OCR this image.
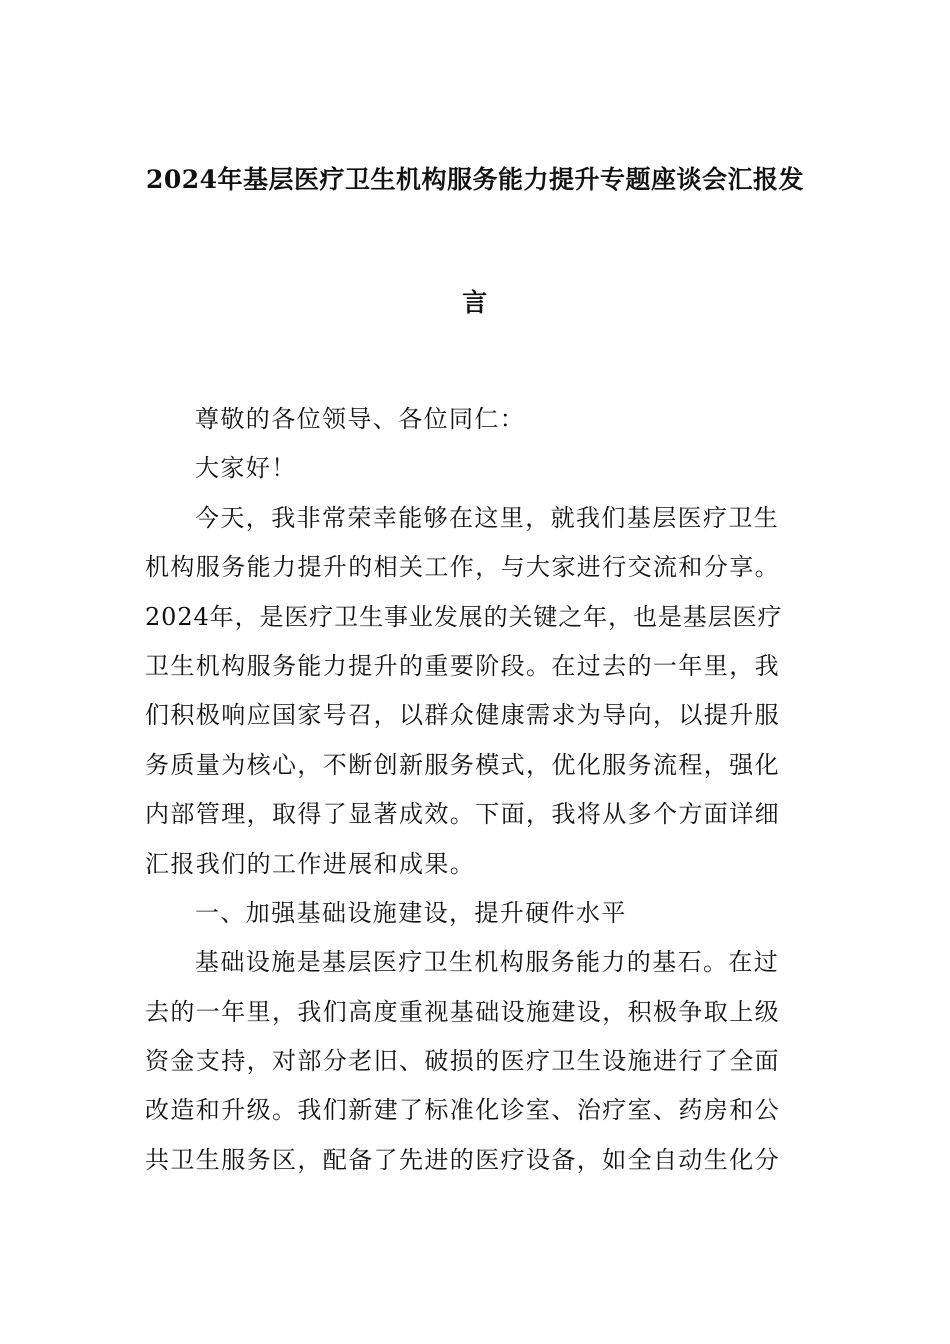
2024年基层医疗卫生机构服务能力提升专题座谈会汇报发
言
尊敬的各位领导、各位同仁：
大家好！
今天，我非常荣幸能够在这里，就我们基层医疗卫生
机构服务能力提升的相关工作，与大家进行交流和分享。
2024年，是医疗卫生事业发展的关键之年，也是基层医疗
卫生机构服务能力提升的重要阶段。在过去的一年里，我
们积极响应国家号召，以群众健康需求为导向，以提升服
务质量为核心，不断创新服务模式，优化服务流程，强化
内部管理，取得了显著成效。下面，我将从多个方面详细
汇报我们的工作进展和成果。
一、加强基础设施建设，提升硬件水平
基础设施是基层医疗卫生机构服务能力的基石。在过
去的一年里，我们高度重视基础设施建设，积极争取上级
资金支持，对部分老旧、破损的医疗卫生设施进行了全面
改造和升级。我们新建了标准化诊室、治疗室、药房和公
共卫生服务区，配备了先进的医疗设备，如全自动生化分
